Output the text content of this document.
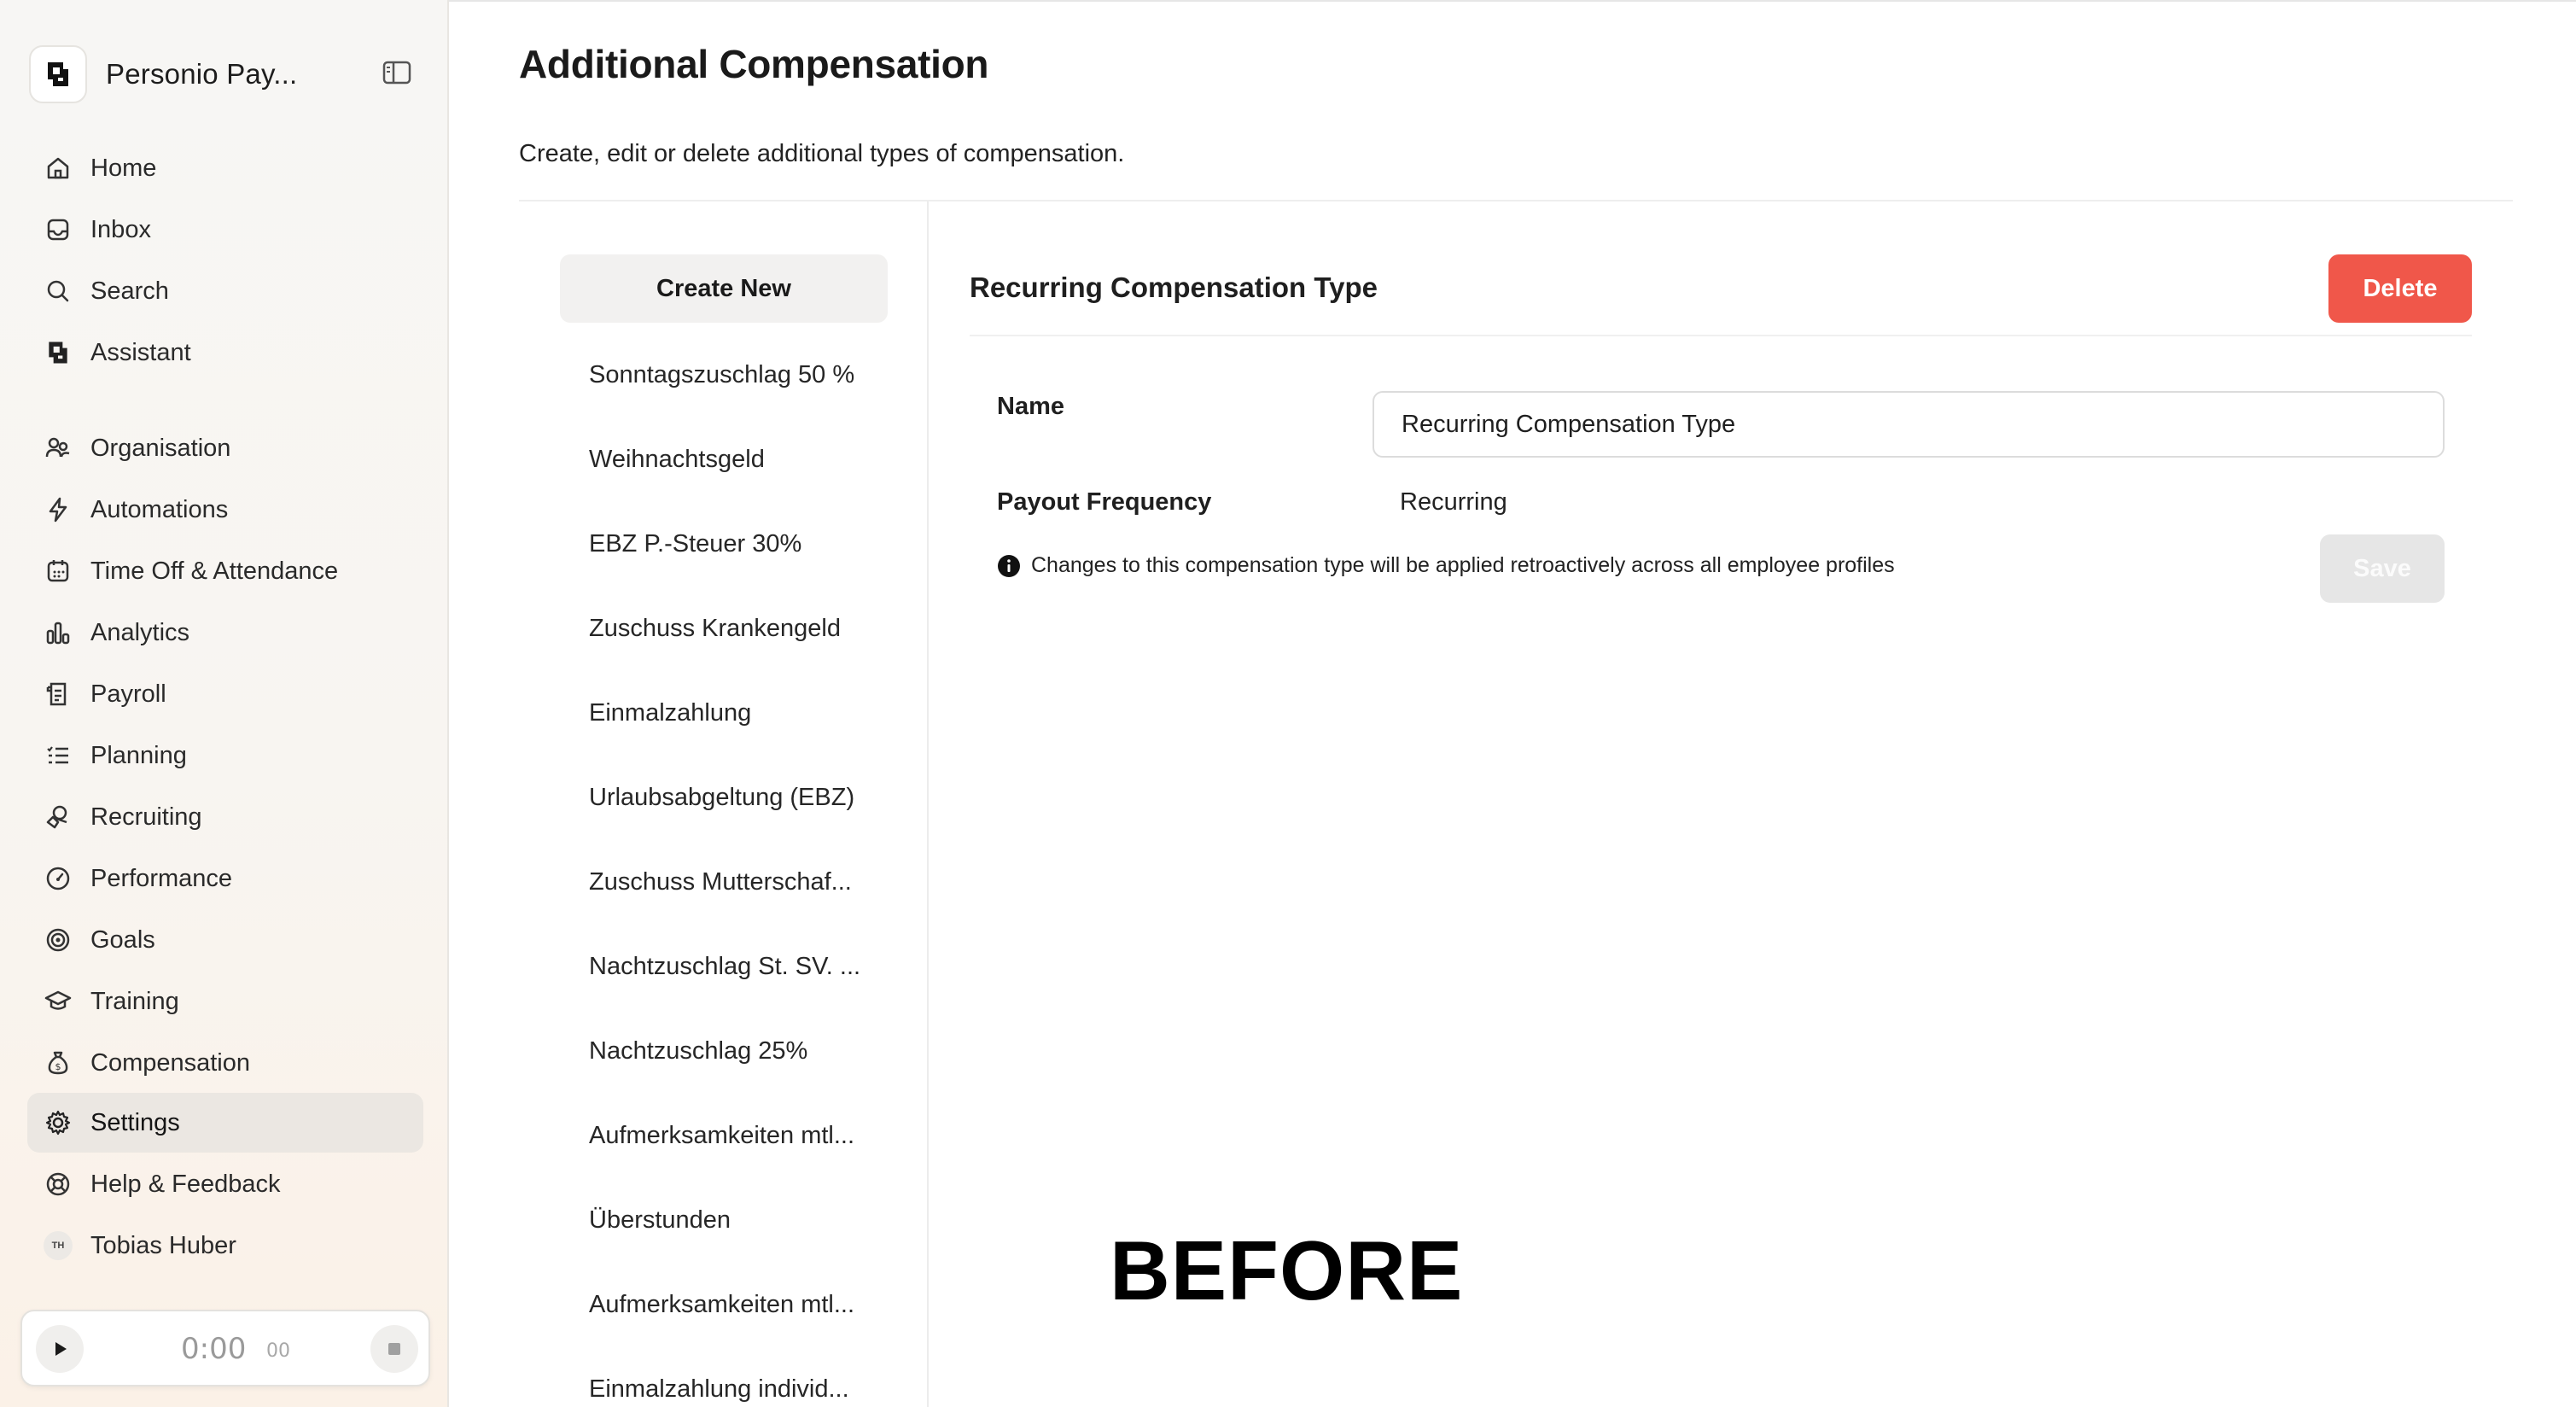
Personio Pay...
Home
Inbox
Search
Assistant
Organisation
Automations
Time Off & Attendance
Analytics
Payroll
Planning
Recruiting
Performance
Goals
Training
$ Compensation
Settings
Help & Feedback
TH	Tobias Huber
0:00 00
Additional Compensation

Create, edit or delete additional types of compensation.

Create New
Sonntagszuschlag 50 %
Weihnachtsgeld
EBZ P.-Steuer 30%
Zuschuss Krankengeld
Einmalzahlung
Urlaubsabgeltung (EBZ)
Zuschuss Mutterschaf...
Nachtzuschlag St. SV. ...
Nachtzuschlag 25%
Aufmerksamkeiten mtl...
Überstunden
Aufmerksamkeiten mtl...
Einmalzahlung individ...
Recurring Compensation Type	Delete
Name
Recurring Compensation Type
Payout Frequency	Recurring
Changes to this compensation type will be applied retroactively across all employee profiles	Save
BEFORE
